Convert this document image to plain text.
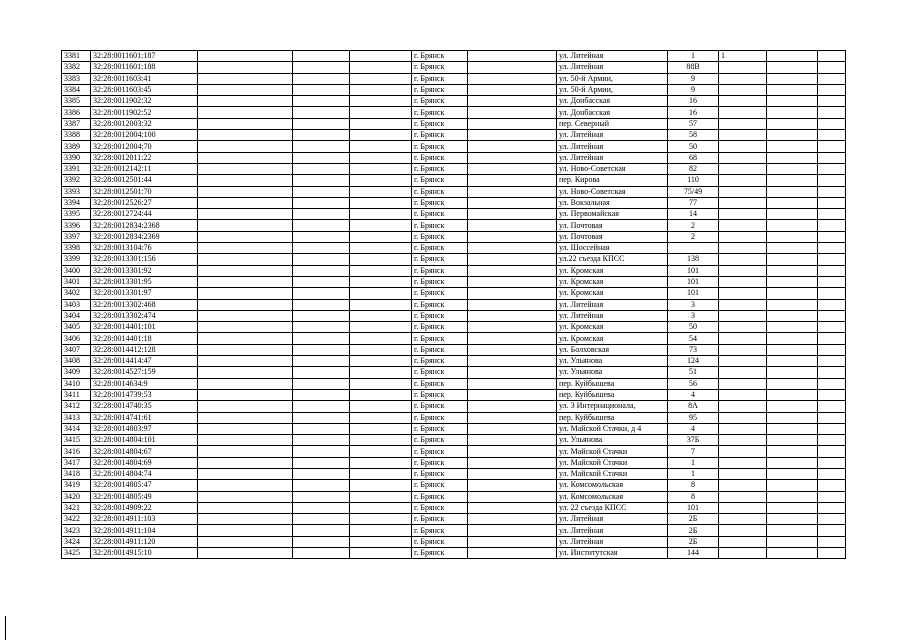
3381	32:28:0011601:187				г. Брянск		ул. Литейная	1	1		
3382	32:28:0011601:188				г. Брянск		ул. Литейная	88В			
3383	32:28:0011603:41				г. Брянск		ул. 50-й Армии,	9			
3384	32:28:0011603:45				г. Брянск		ул. 50-й Армии,	9			
3385	32:28:0011902:32				г. Брянск		ул. Донбасская	16			
3386	32:28:0011902:52				г. Брянск		ул. Донбасская	16			
3387	32:28:0012003:32				г. Брянск		пер. Северный	57			
3388	32:28:0012004:100				г. Брянск		ул. Литейная	58			
3389	32:28:0012004:70				г. Брянск		ул. Литейная	50			
3390	32:28:0012011:22				г. Брянск		ул. Литейная	68			
3391	32:28:0012142:11				г. Брянск		ул. Ново-Советская	82			
3392	32:28:0012501:44				г. Брянск		пер. Кирова	110			
3393	32:28:0012501:70				г. Брянск		ул. Ново-Советская	75/49			
3394	32:28:0012526:27				г. Брянск		ул. Вокзальная	77			
3395	32:28:0012724:44				г. Брянск		ул. Первомайская	14			
3396	32:28:0012834:2368				г. Брянск		ул. Почтовая	2			
3397	32:28:0012834:2369				г. Брянск		ул. Почтовая	2			
3398	32:28:0013104:76				г. Брянск		ул. Шоссейная				
3399	32:28:0013301:156				г. Брянск		ул.22 съезда КПСС	138			
3400	32:28:0013301:92				г. Брянск		ул. Кромская	101			
3401	32:28:0013301:95				г. Брянск		ул. Кромская	101			
3402	32:28:0013301:97				г. Брянск		ул. Кромская	101			
3403	32:28:0013302:468				г. Брянск		ул. Литейная	3			
3404	32:28:0013302:474				г. Брянск		ул. Литейная	3			
3405	32:28:0014401:101				г. Брянск		ул. Кромская	50			
3406	32:28:0014401:18				г. Брянск		ул. Кромская	54			
3407	32:28:0014412:128				г. Брянск		ул. Болховская	73			
3408	32:28:0014414:47				г. Брянск		ул. Ульянова	124			
3409	32:28:0014527:159				г. Брянск		ул. Ульянова	51			
3410	32:28:0014634:9				г. Брянск		пер. Куйбышева	56			
3411	32:28:0014739:53				г. Брянск		пер. Куйбышева	4			
3412	32:28:0014740:35				г. Брянск		ул. 3 Интернационала,	8А			
3413	32:28:0014741:61				г. Брянск		пер. Куйбышева	95			
3414	32:28:0014803:97				г. Брянск		ул. Майской Стачки, д 4	4			
3415	32:28:0014804:101				г. Брянск		ул. Ульянова	37Б			
3416	32:28:0014804:67				г. Брянск		ул. Майской Стачки	7			
3417	32:28:0014804:69				г. Брянск		ул. Майской Стачки	1			
3418	32:28:0014804:74				г. Брянск		ул. Майской Стачки	1			
3419	32:28:0014805:47				г. Брянск		ул. Комсомольская	8			
3420	32:28:0014805:49				г. Брянск		ул. Комсомольская	8			
3421	32:28:0014909:22				г. Брянск		ул. 22 съезда КПСС	101			
3422	32:28:0014911:103				г. Брянск		ул. Литейная	2Б			
3423	32:28:0014911:104				г. Брянск		ул. Литейная	2Б			
3424	32:28:0014911:120				г. Брянск		ул. Литейная	2Б			
3425	32:28:0014915:10				г. Брянск		ул. Институтская	144			
